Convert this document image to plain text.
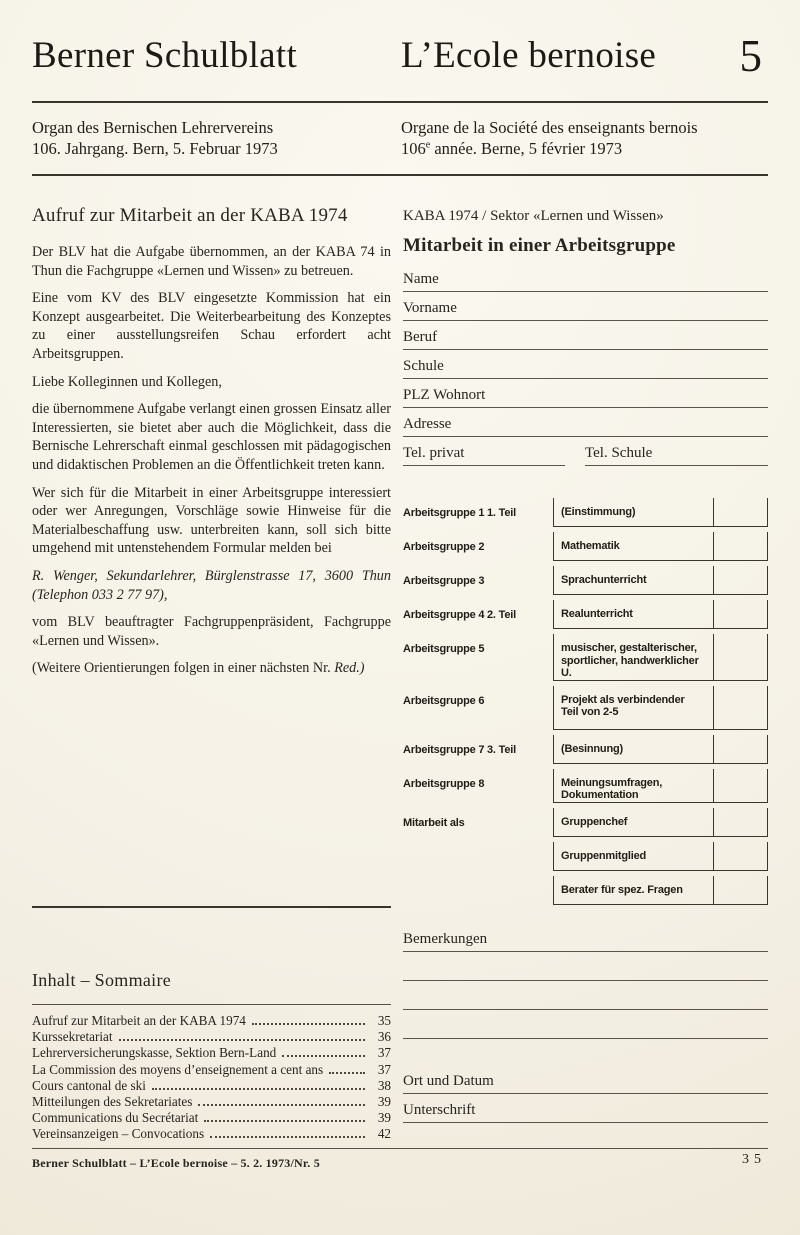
Berner Schulblatt	L’Ecole bernoise 5
Organ des Bernischen Lehrervereins
106. Jahrgang. Bern, 5. Februar 1973
Organe de la Société des enseignants bernois
106e année. Berne, 5 février 1973
Aufruf zur Mitarbeit an der KABA 1974

Der BLV hat die Aufgabe übernommen, an der KABA 74 in Thun die Fachgruppe «Lernen und Wissen» zu betreuen.

Eine vom KV des BLV eingesetzte Kommission hat ein Konzept ausgearbeitet. Die Weiterbearbeitung des Konzeptes zu einer ausstellungsreifen Schau erfordert acht Arbeitsgruppen.

Liebe Kolleginnen und Kollegen,

die übernommene Aufgabe verlangt einen grossen Einsatz aller Interessierten, sie bietet aber auch die Möglichkeit, dass die Bernische Lehrerschaft einmal geschlossen mit pädagogischen und didaktischen Problemen an die Öffentlichkeit treten kann.

Wer sich für die Mitarbeit in einer Arbeitsgruppe interessiert oder wer Anregungen, Vorschläge sowie Hinweise für die Materialbeschaffung usw. unterbreiten kann, soll sich bitte umgehend mit untenstehendem Formular melden bei

R. Wenger, Sekundarlehrer, Bürglenstrasse 17, 3600 Thun (Telephon 033 2 77 97),

vom BLV beauftragter Fachgruppenpräsident, Fachgruppe «Lernen und Wissen».

(Weitere Orientierungen folgen in einer nächsten Nr. Red.)

Inhalt – Sommaire
Aufruf zur Mitarbeit an der KABA 1974	35
Kurssekretariat	36
Lehrerversicherungskasse, Sektion Bern-Land	37
La Commission des moyens d’enseignement a cent ans	37
Cours cantonal de ski	38
Mitteilungen des Sekretariates	39
Communications du Secrétariat	39
Vereinsanzeigen – Convocations	42
KABA 1974 / Sektor «Lernen und Wissen»
Mitarbeit in einer Arbeitsgruppe
Name
Vorname
Beruf
Schule
PLZ Wohnort
Adresse
Tel. privat	Tel. Schule
Arbeitsgruppe 1 1. Teil	(Einstimmung)
Arbeitsgruppe 2	Mathematik
Arbeitsgruppe 3	Sprachunterricht
Arbeitsgruppe 4 2. Teil	Realunterricht
Arbeitsgruppe 5	musischer, gestalterischer,
sportlicher, handwerklicher U.
Arbeitsgruppe 6	Projekt als verbindender
Teil von 2-5
Arbeitsgruppe 7 3. Teil	(Besinnung)
Arbeitsgruppe 8	Meinungsumfragen, Dokumentation
Mitarbeit als	Gruppenchef
Gruppenmitglied
Berater für spez. Fragen
Bemerkungen
Ort und Datum
Unterschrift
Berner Schulblatt – L’Ecole bernoise – 5. 2. 1973/Nr. 5	35
